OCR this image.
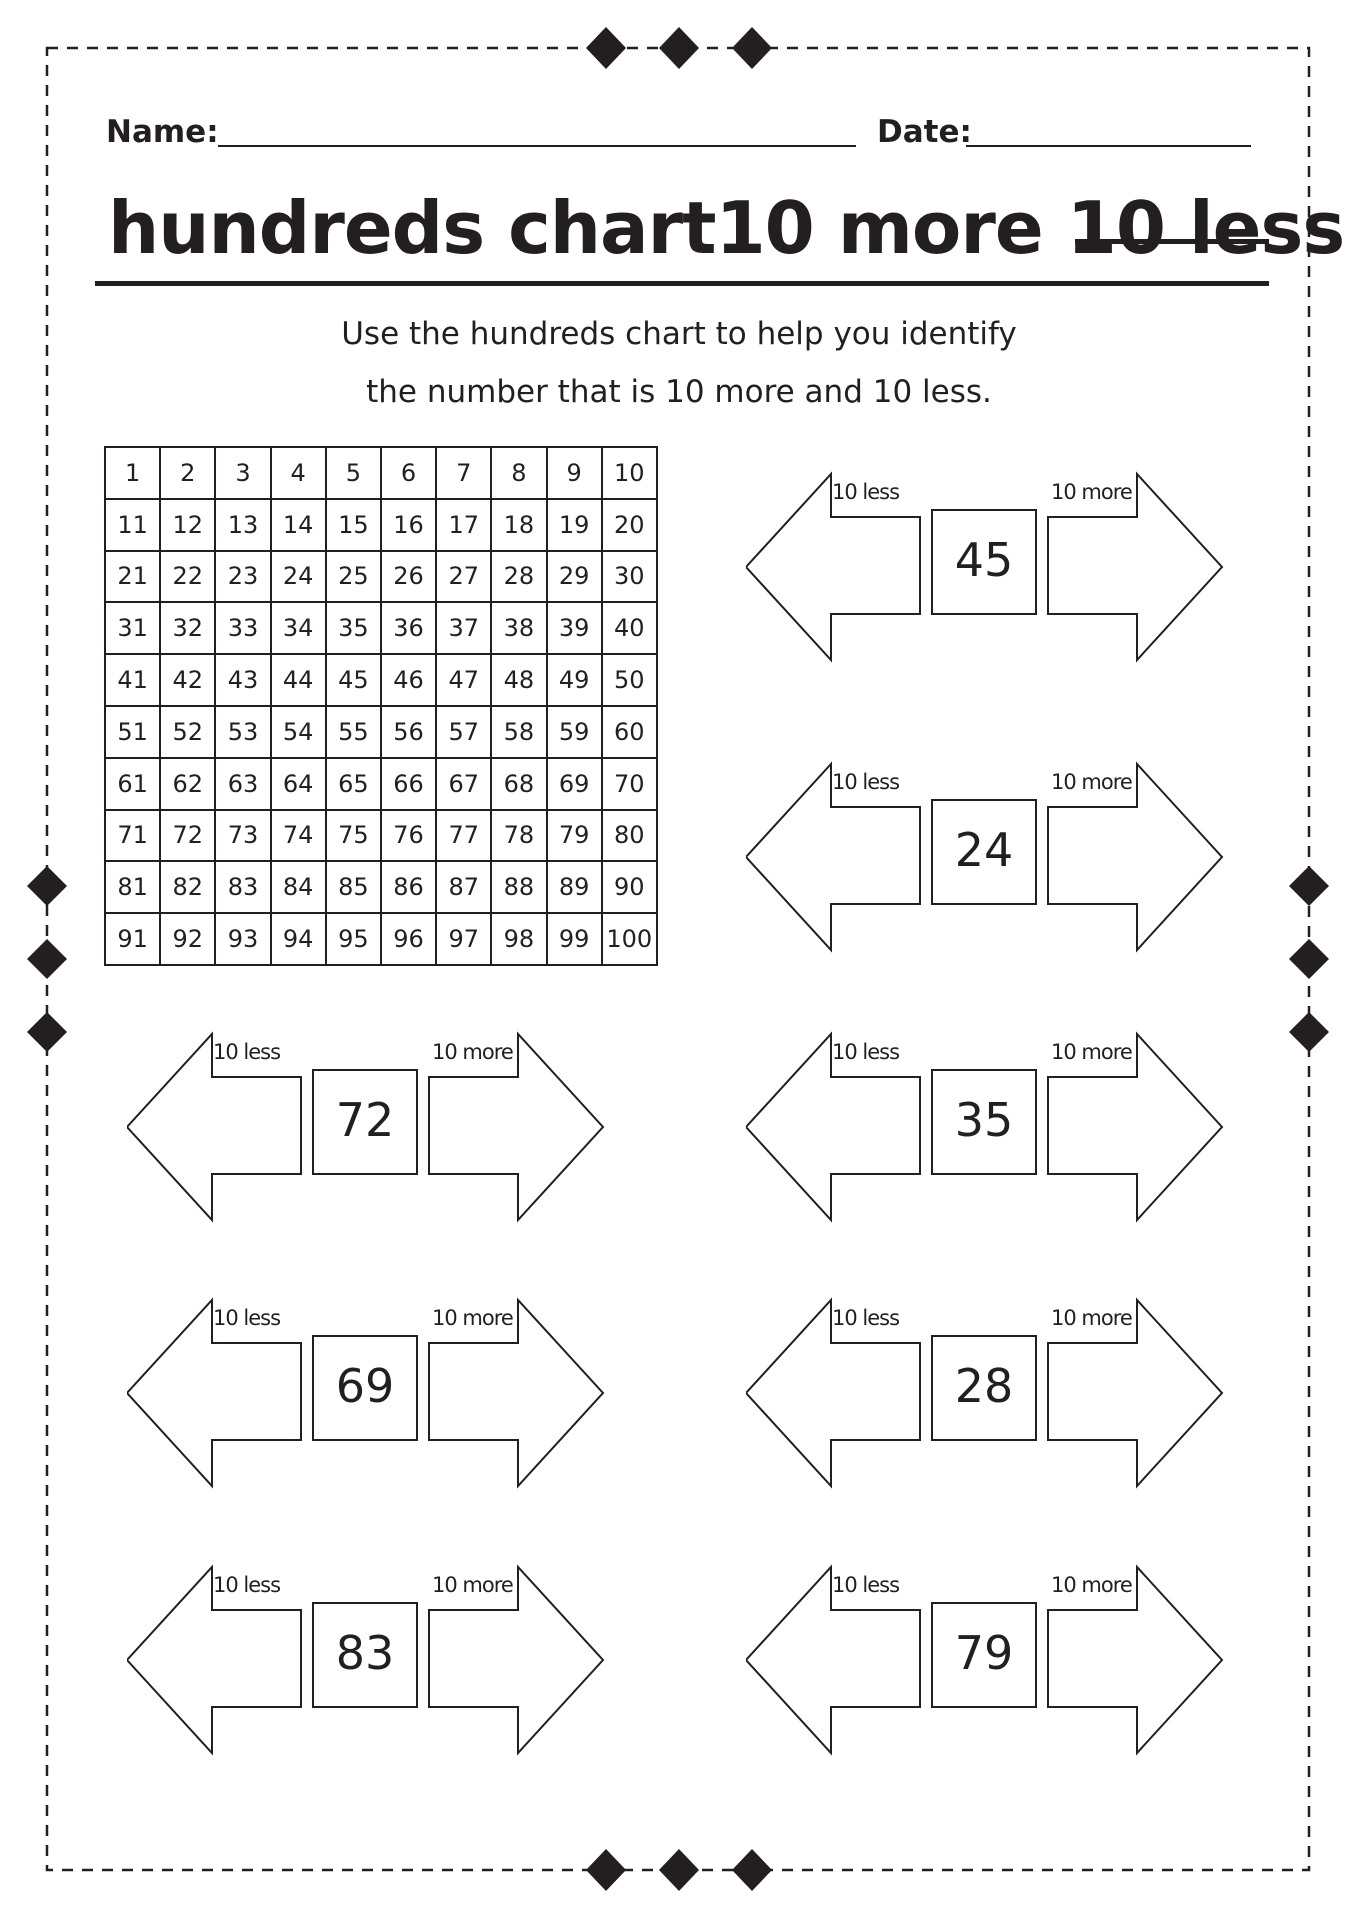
Name:	Date:
hundreds chart10 more 10 less
Use the hundreds chart to help you identify
the number that is 10 more and 10 less.
1	2	3	4	5	6	7	8	9	10
11	12	13	14	15	16	17	18	19	20
21	22	23	24	25	26	27	28	29	30
31	32	33	34	35	36	37	38	39	40
41	42	43	44	45	46	47	48	49	50
51	52	53	54	55	56	57	58	59	60
61	62	63	64	65	66	67	68	69	70
71	72	73	74	75	76	77	78	79	80
81	82	83	84	85	86	87	88	89	90
91	92	93	94	95	96	97	98	99	100
10 less	10 more
45
10 less	10 more
24
10 less	10 more
72
10 less	10 more
35
10 less	10 more
69
10 less	10 more
28
10 less	10 more
83
10 less	10 more
79
